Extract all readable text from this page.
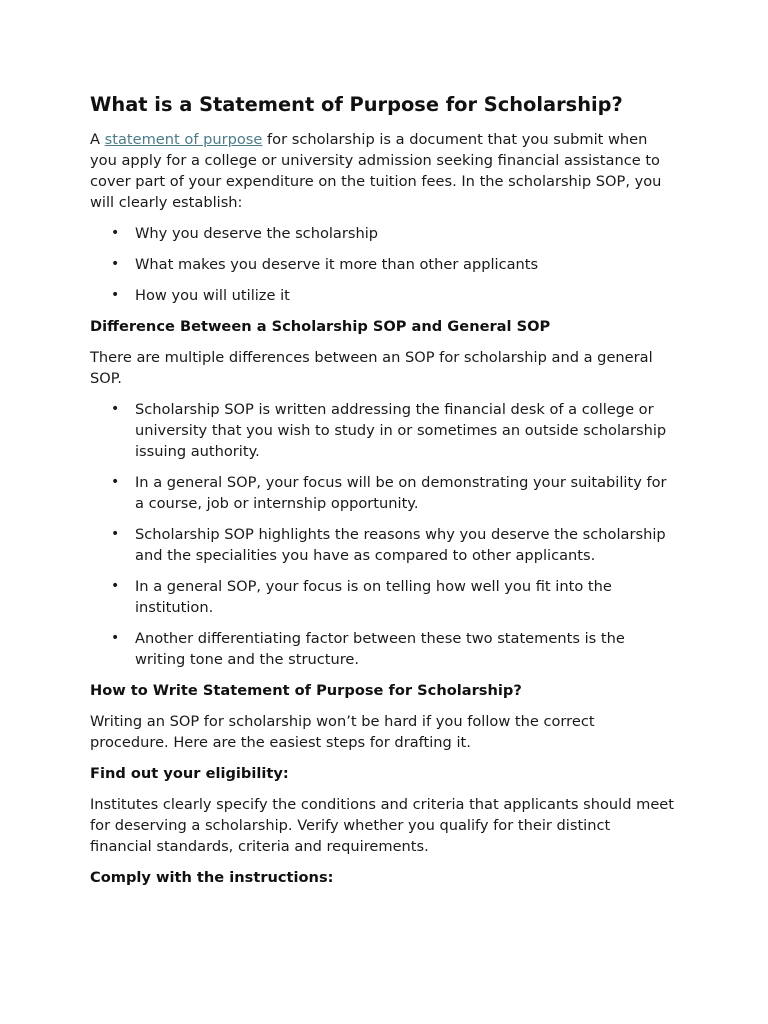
What is a Statement of Purpose for Scholarship?

A statement of purpose for scholarship is a document that you submit when you apply for a college or university admission seeking financial assistance to cover part of your expenditure on the tuition fees. In the scholarship SOP, you will clearly establish:

• Why you deserve the scholarship
• What makes you deserve it more than other applicants
• How you will utilize it
Difference Between a Scholarship SOP and General SOP

There are multiple differences between an SOP for scholarship and a general SOP.

• Scholarship SOP is written addressing the financial desk of a college or university that you wish to study in or sometimes an outside scholarship issuing authority.
• In a general SOP, your focus will be on demonstrating your suitability for a course, job or internship opportunity.
• Scholarship SOP highlights the reasons why you deserve the scholarship and the specialities you have as compared to other applicants.
• In a general SOP, your focus is on telling how well you fit into the institution.
• Another differentiating factor between these two statements is the writing tone and the structure.
How to Write Statement of Purpose for Scholarship?

Writing an SOP for scholarship won’t be hard if you follow the correct procedure. Here are the easiest steps for drafting it.

Find out your eligibility:

Institutes clearly specify the conditions and criteria that applicants should meet for deserving a scholarship. Verify whether you qualify for their distinct financial standards, criteria and requirements.

Comply with the instructions:
